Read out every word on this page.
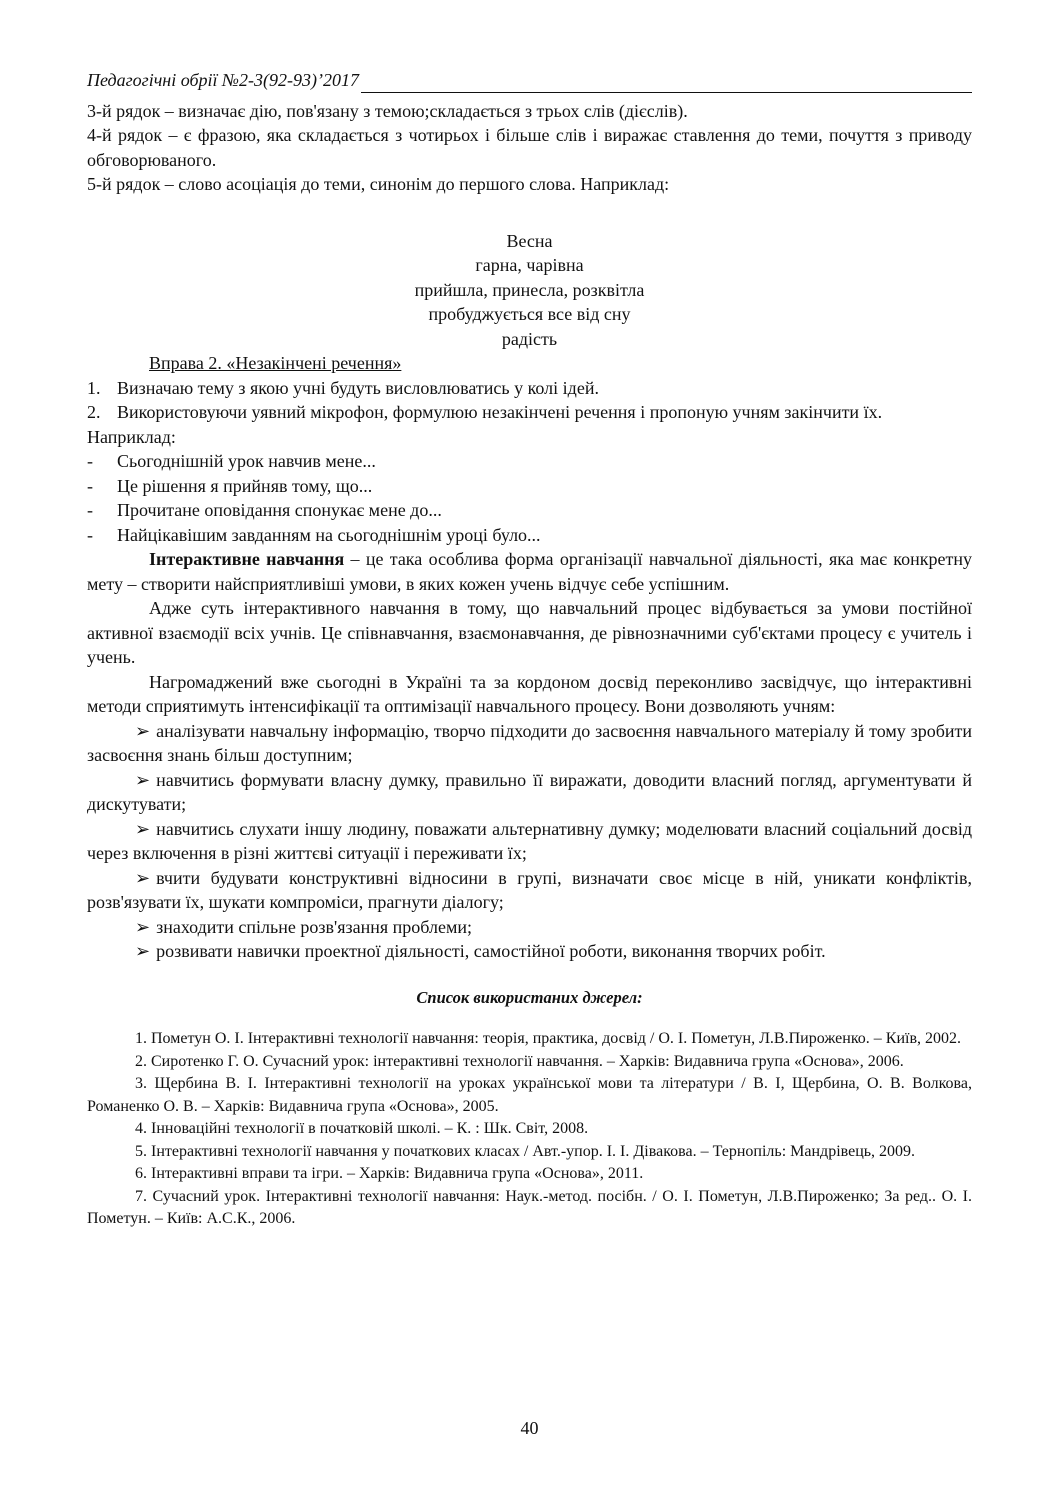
Педагогічні обрії №2-3(92-93)’2017

3-й рядок – визначає дію, пов'язану з темою;складається з трьох слів (дієслів).

4-й рядок – є фразою, яка складається з чотирьох і більше слів і виражає ставлення до теми, почуття з приводу обговорюваного.

5-й рядок – слово асоціація до теми, синонім до першого слова. Наприклад:

Весна
гарна, чарівна
прийшла, принесла, розквітла
пробуджується все від сну
радість
Вправа 2. «Незакінчені речення»
1. Визначаю тему з якою учні будуть висловлюватись у колі ідей.

2. Використовуючи уявний мікрофон, формулюю незакінчені речення і пропоную учням закінчити їх.

Наприклад:

-	Сьогоднішній урок навчив мене...
-	Це рішення я прийняв тому, що...
-	Прочитане оповідання спонукає мене до...
-	Найцікавішим завданням на сьогоднішнім уроці було...

Інтерактивне навчання – це така особлива форма організації навчальної діяльності, яка має конкретну мету – створити найсприятливіші умови, в яких кожен учень відчує себе успішним.

Адже суть інтерактивного навчання в тому, що навчальний процес відбувається за умови постійної активної взаємодії всіх учнів. Це співнавчання, взаємонавчання, де рівнозначними суб'єктами процесу є учитель і учень.

Нагромаджений вже сьогодні в Україні та за кордоном досвід переконливо засвідчує, що інтерактивні методи сприятимуть інтенсифікації та оптимізації навчального процесу. Вони дозволяють учням:

➢ аналізувати навчальну інформацію, творчо підходити до засвоєння навчального матеріалу й тому зробити засвоєння знань більш доступним;

➢ навчитись формувати власну думку, правильно її виражати, доводити власний погляд, аргументувати й дискутувати;

➢ навчитись слухати іншу людину, поважати альтернативну думку; моделювати власний соціальний досвід через включення в різні життєві ситуації і переживати їх;

➢ вчити будувати конструктивні відносини в групі, визначати своє місце в ній, уникати конфліктів, розв'язувати їх, шукати компроміси, прагнути діалогу;

➢ знаходити спільне розв'язання проблеми;

➢ розвивати навички проектної діяльності, самостійної роботи, виконання творчих робіт.

Список використаних джерел:

1. Пометун О. І. Інтерактивні технології навчання: теорія, практика, досвід / О. І. Пометун, Л.В.Пироженко. – Київ, 2002.

2. Сиротенко Г. О. Сучасний урок: інтерактивні технології навчання. – Харків: Видавнича група «Основа», 2006.

3. Щербина В. І. Інтерактивні технології на уроках української мови та літератури / В. І, Щербина, О. В. Волкова, Романенко О. В. – Харків: Видавнича група «Основа», 2005.

4. Інноваційні технології в початковій школі. – К. : Шк. Світ, 2008.

5. Інтерактивні технології навчання у початкових класах / Авт.-упор. І. І. Дівакова. – Тернопіль: Мандрівець, 2009.

6. Інтерактивні вправи та ігри. – Харків: Видавнича група «Основа», 2011.

7. Сучасний урок. Інтерактивні технології навчання: Наук.-метод. посібн. / О. І. Пометун, Л.В.Пироженко; За ред.. О. І. Пометун. – Київ: А.С.К., 2006.

40
